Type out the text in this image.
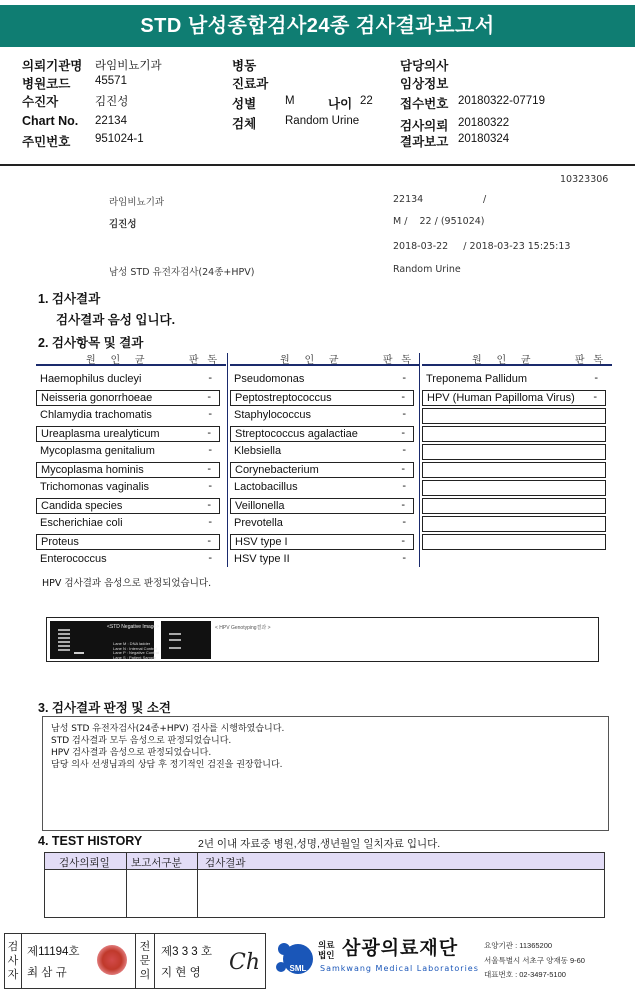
STD 남성종합검사24종 검사결과보고서
의뢰기관명 라임비뇨기과
병원코드 45571
수진자	김진성
Chart No. 22134
주민번호 951024-1
병동
진료과
성별	M	나이 22
검체	Random Urine
담당의사
임상정보
접수번호 20180322-07719
검사의뢰 20180322
결과보고 20180324
10323306
라임비뇨기과	22134	/
김진성	M /    22 / (951024)
2018-03-22     / 2018-03-23 15:25:13
남성 STD 유전자검사(24종+HPV)	Random Urine
1. 검사결과
검사결과 음성 입니다.
2. 검사항목 및 결과
원 인 균	판 독
Haemophilus ducleyi	-
Neisseria gonorrhoeae	-
Chlamydia trachomatis	-
Ureaplasma urealyticum	-
Mycoplasma genitalium	-
Mycoplasma hominis	-
Trichomonas vaginalis	-
Candida species	-
Escherichiae coli	-
Proteus	-
Enterococcus	-
원 인 균	판 독
Pseudomonas	-
Peptostreptococcus	-
Staphylococcus	-
Streptococcus agalactiae	-
Klebsiella	-
Corynebacterium	-
Lactobacillus	-
Veillonella	-
Prevotella	-
HSV type I	-
HSV type II	-
원 인 균	판 독
Treponema Pallidum	-
HPV (Human Papilloma Virus) -
HPV 검사결과 음성으로 판정되었습니다.
<STD Negative Image>
Lane M : DNA ladder
Lane N : Internal Control
Lane P : Negative Control
Lane S : Patient Sample
< HPV Genotyping결과 >
3. 검사결과 판정 및 소견
남성 STD 유전자검사(24종+HPV) 검사를 시행하였습니다.
STD 검사결과 모두 음성으로 판정되었습니다.
HPV 검사결과 음성으로 판정되었습니다.
담당 의사 선생님과의 상담 후 정기적인 검진을 권장합니다.
4. TEST HISTORY	2년 이내 자료중 병원,성명,생년월일 일치자료 입니다.
검사의뢰일 보고서구분 검사결과
검
사
자
제11194호
최 삼 규
전
문
의
제3 3 3 호
지 현 영 Ch	SML
의료법인 삼광의료재단
Samkwang Medical Laboratories
요양기관 : 11365200
서울특별시 서초구 양재동 9-60
대표번호 : 02-3497-5100
